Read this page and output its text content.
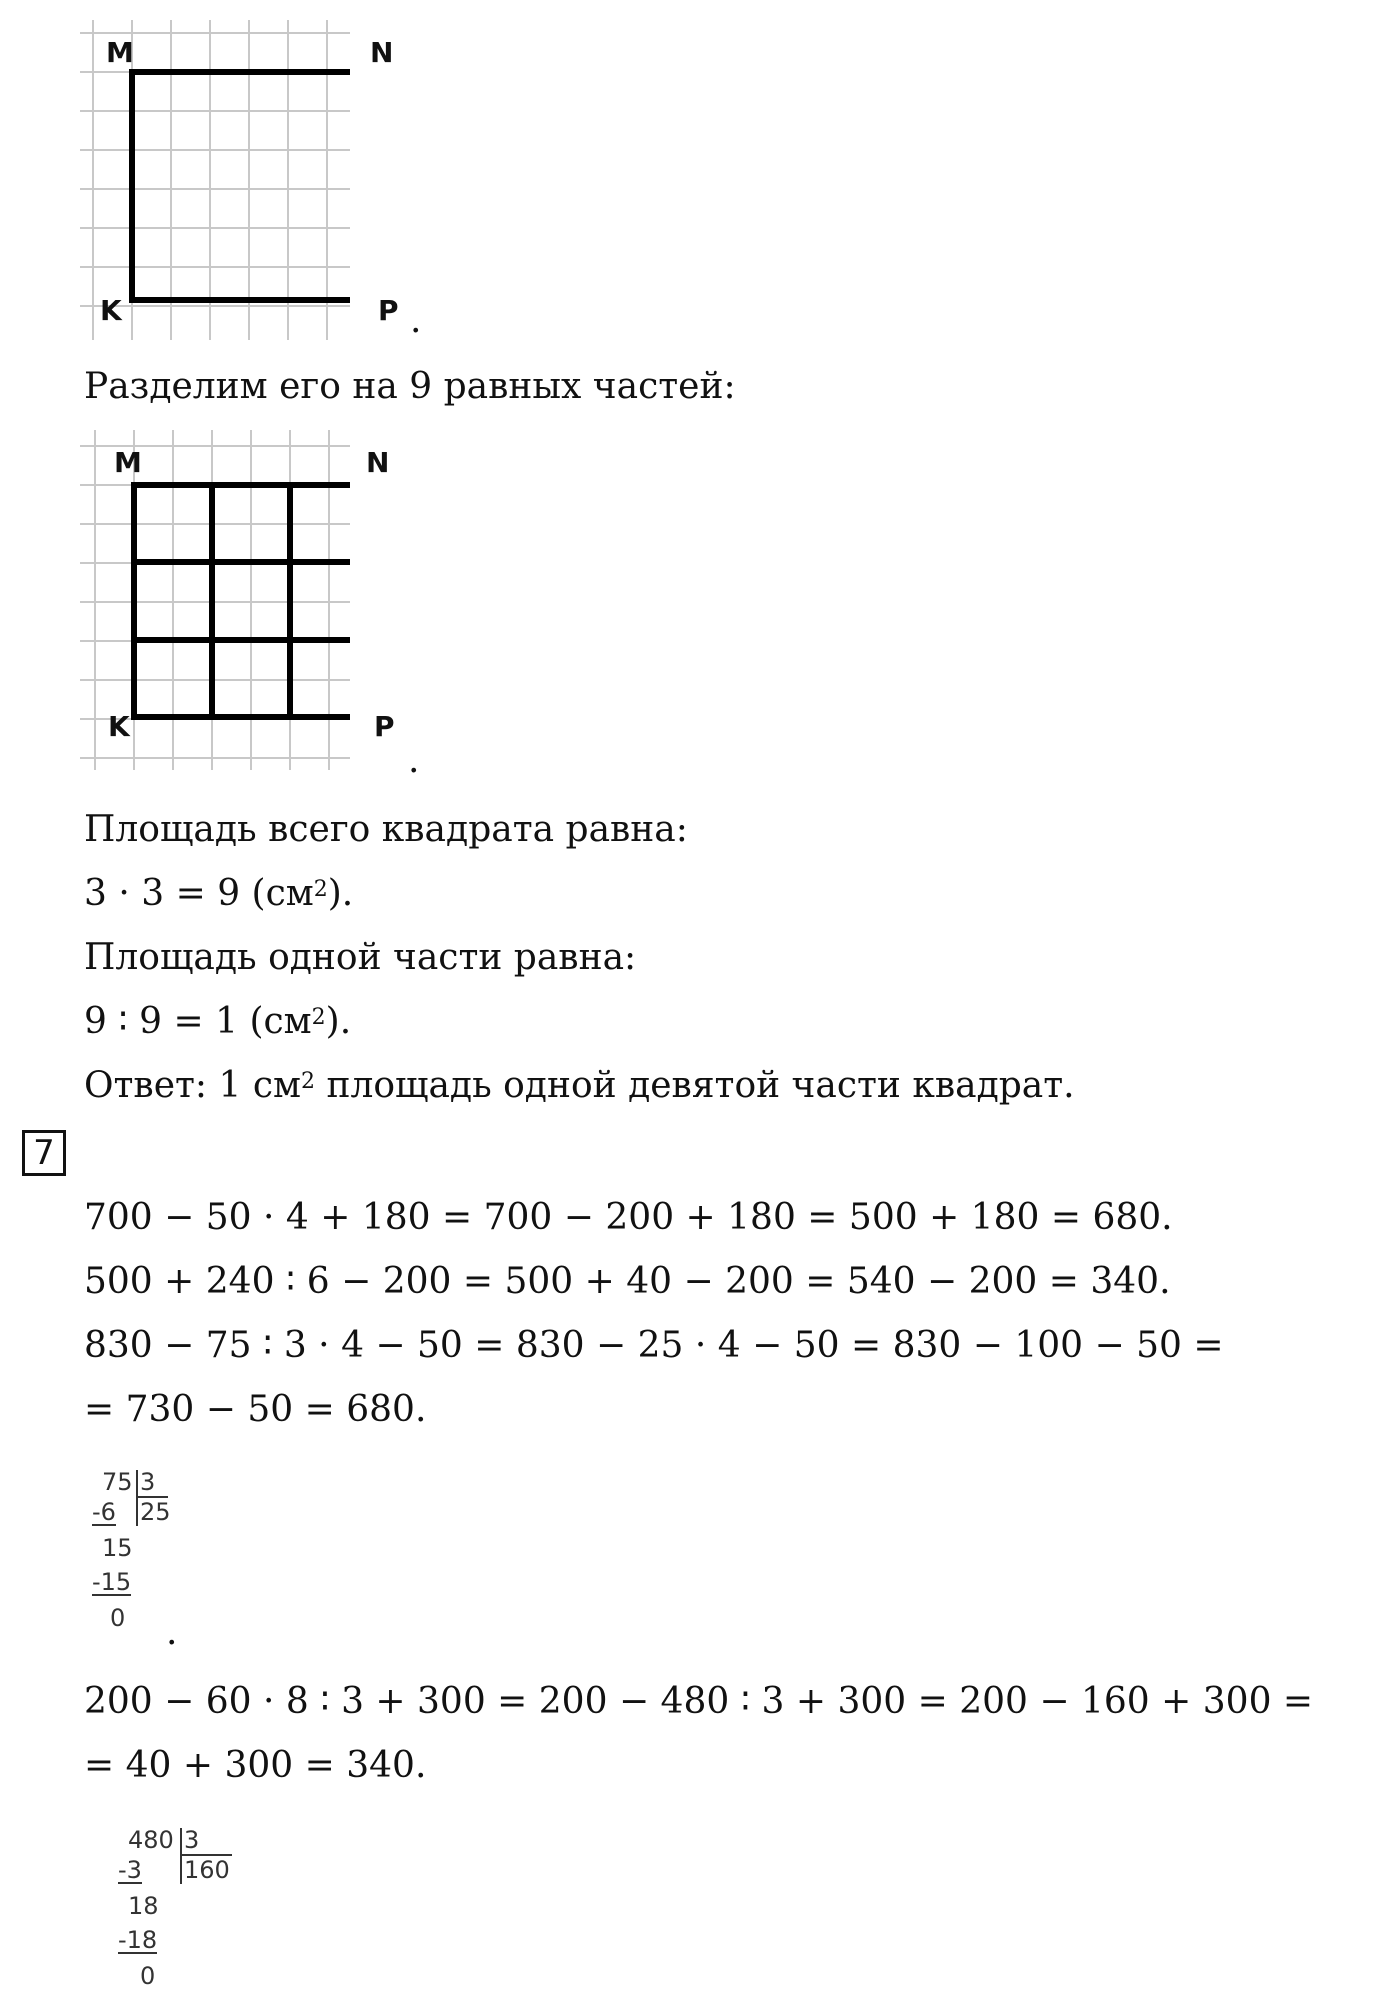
M	N
K	P .
Разделим его на 9 равных частей:
M	N
K	P
.
Площадь всего квадрата равна:
3 · 3 = 9 $(см^2)$.
Площадь одной части равна:
9 ∶ 9 = 1 $(см^2)$.
Ответ: 1 $см^2$ площадь одной девятой части квадрат.
7
700 − 50 · 4 + 180 = 700 − 200 + 180 = 500 + 180 = 680.
500 + 240 ∶ 6 − 200 = 500 + 40 − 200 = 540 − 200 = 340.
830 − 75 ∶ 3 · 4 − 50 = 830 − 25 · 4 − 50 = 830 − 100 − 50 =
= 730 − 50 = 680.
75 3
25
-6
15
-15
0 .
200 − 60 · 8 ∶ 3 + 300 = 200 − 480 ∶ 3 + 300 = 200 − 160 + 300 =
= 40 + 300 = 340.
480 3
160
-3
18
-18
0
